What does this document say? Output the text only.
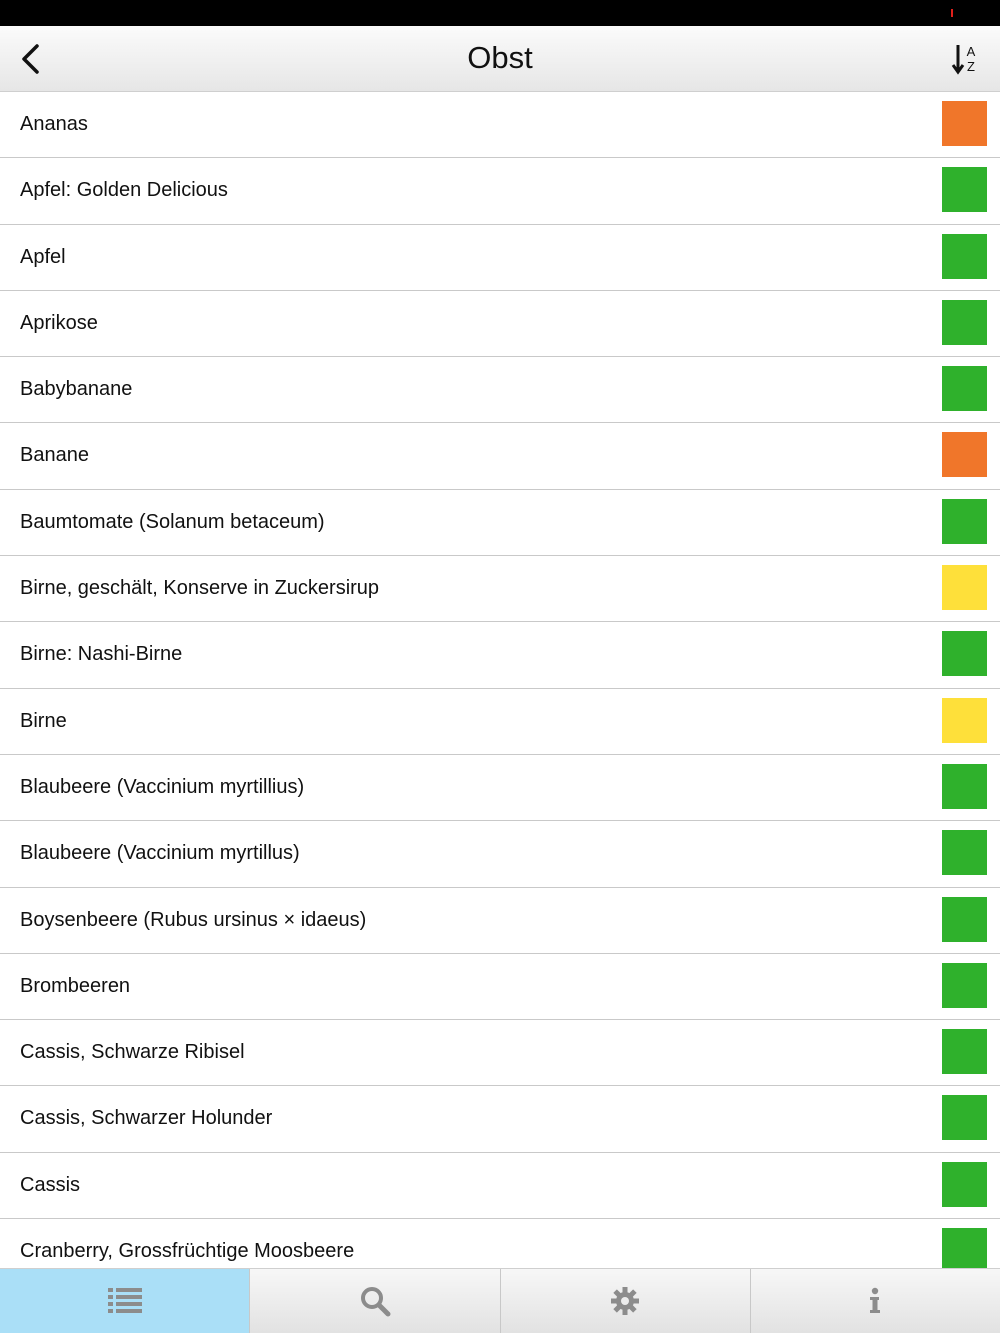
Obst	A
Z
Ananas
Apfel: Golden Delicious
Apfel
Aprikose
Babybanane
Banane
Baumtomate (Solanum betaceum)
Birne, geschält, Konserve in Zuckersirup
Birne: Nashi-Birne
Birne
Blaubeere (Vaccinium myrtillius)
Blaubeere (Vaccinium myrtillus)
Boysenbeere (Rubus ursinus × idaeus)
Brombeeren
Cassis, Schwarze Ribisel
Cassis, Schwarzer Holunder
Cassis
Cranberry, Grossfrüchtige Moosbeere
